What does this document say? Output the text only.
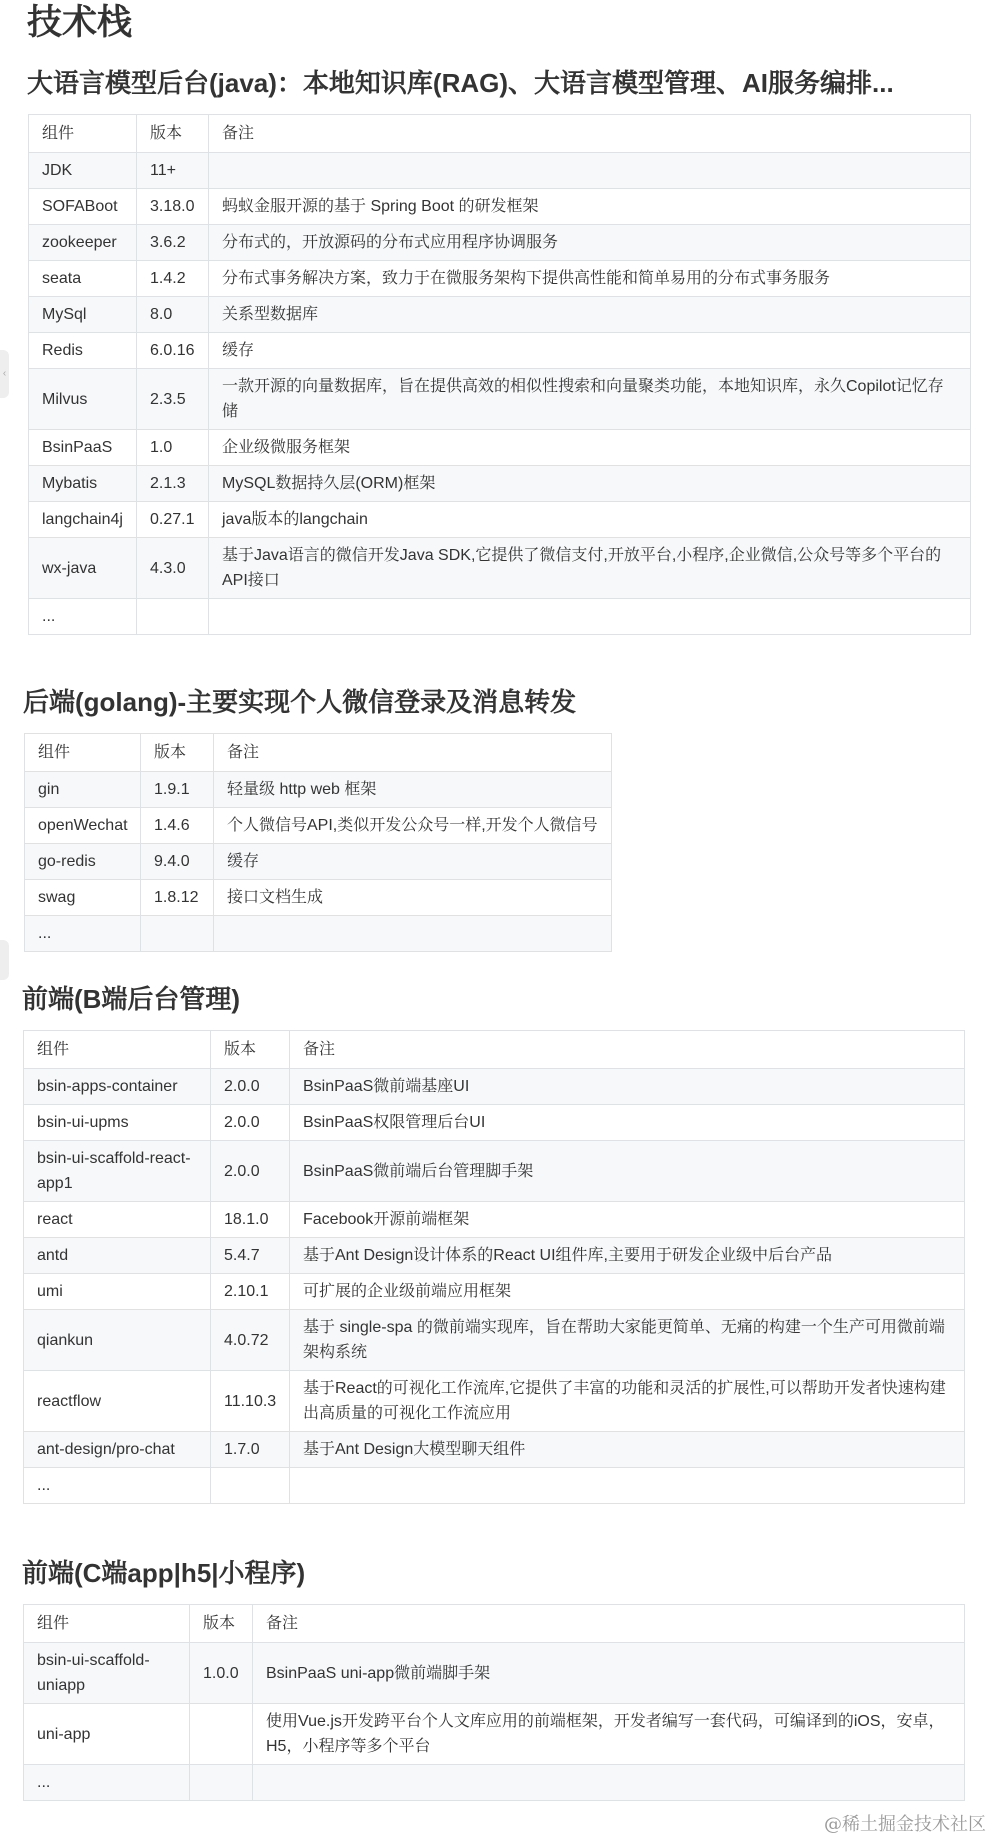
‹
技术栈
大语言模型后台(java)：本地知识库(RAG)、大语言模型管理、AI服务编排...
组件	版本	备注
JDK	11+	
SOFABoot	3.18.0	蚂蚁金服开源的基于 Spring Boot 的研发框架
zookeeper	3.6.2	分布式的，开放源码的分布式应用程序协调服务
seata	1.4.2	分布式事务解决方案，致力于在微服务架构下提供高性能和简单易用的分布式事务服务
MySql	8.0	关系型数据库
Redis	6.0.16	缓存
Milvus	2.3.5	一款开源的向量数据库，旨在提供高效的相似性搜索和向量聚类功能，本地知识库，永久Copilot记忆存储
BsinPaaS	1.0	企业级微服务框架
Mybatis	2.1.3	MySQL数据持久层(ORM)框架
langchain4j	0.27.1	java版本的langchain
wx-java	4.3.0	基于Java语言的微信开发Java SDK,它提供了微信支付,开放平台,小程序,企业微信,公众号等多个平台的API接口
...		
后端(golang)-主要实现个人微信登录及消息转发
组件	版本	备注
gin	1.9.1	轻量级 http web 框架
openWechat	1.4.6	个人微信号API,类似开发公众号一样,开发个人微信号
go-redis	9.4.0	缓存
swag	1.8.12	接口文档生成
...		
前端(B端后台管理)
组件	版本	备注
bsin-apps-container	2.0.0	BsinPaaS微前端基座UI
bsin-ui-upms	2.0.0	BsinPaaS权限管理后台UI
bsin-ui-scaffold-react-app1	2.0.0	BsinPaaS微前端后台管理脚手架
react	18.1.0	Facebook开源前端框架
antd	5.4.7	基于Ant Design设计体系的React UI组件库,主要用于研发企业级中后台产品
umi	2.10.1	可扩展的企业级前端应用框架
qiankun	4.0.72	基于 single-spa 的微前端实现库，旨在帮助大家能更简单、无痛的构建一个生产可用微前端架构系统
reactflow	11.10.3	基于React的可视化工作流库,它提供了丰富的功能和灵活的扩展性,可以帮助开发者快速构建出高质量的可视化工作流应用
ant-design/pro-chat	1.7.0	基于Ant Design大模型聊天组件
...		
前端(C端app|h5|小程序)
组件	版本	备注
bsin-ui-scaffold-uniapp	1.0.0	BsinPaaS uni-app微前端脚手架
uni-app		使用Vue.js开发跨平台个人文库应用的前端框架，开发者编写一套代码，可编译到的iOS，安卓，H5，小程序等多个平台
...		
@稀土掘金技术社区
